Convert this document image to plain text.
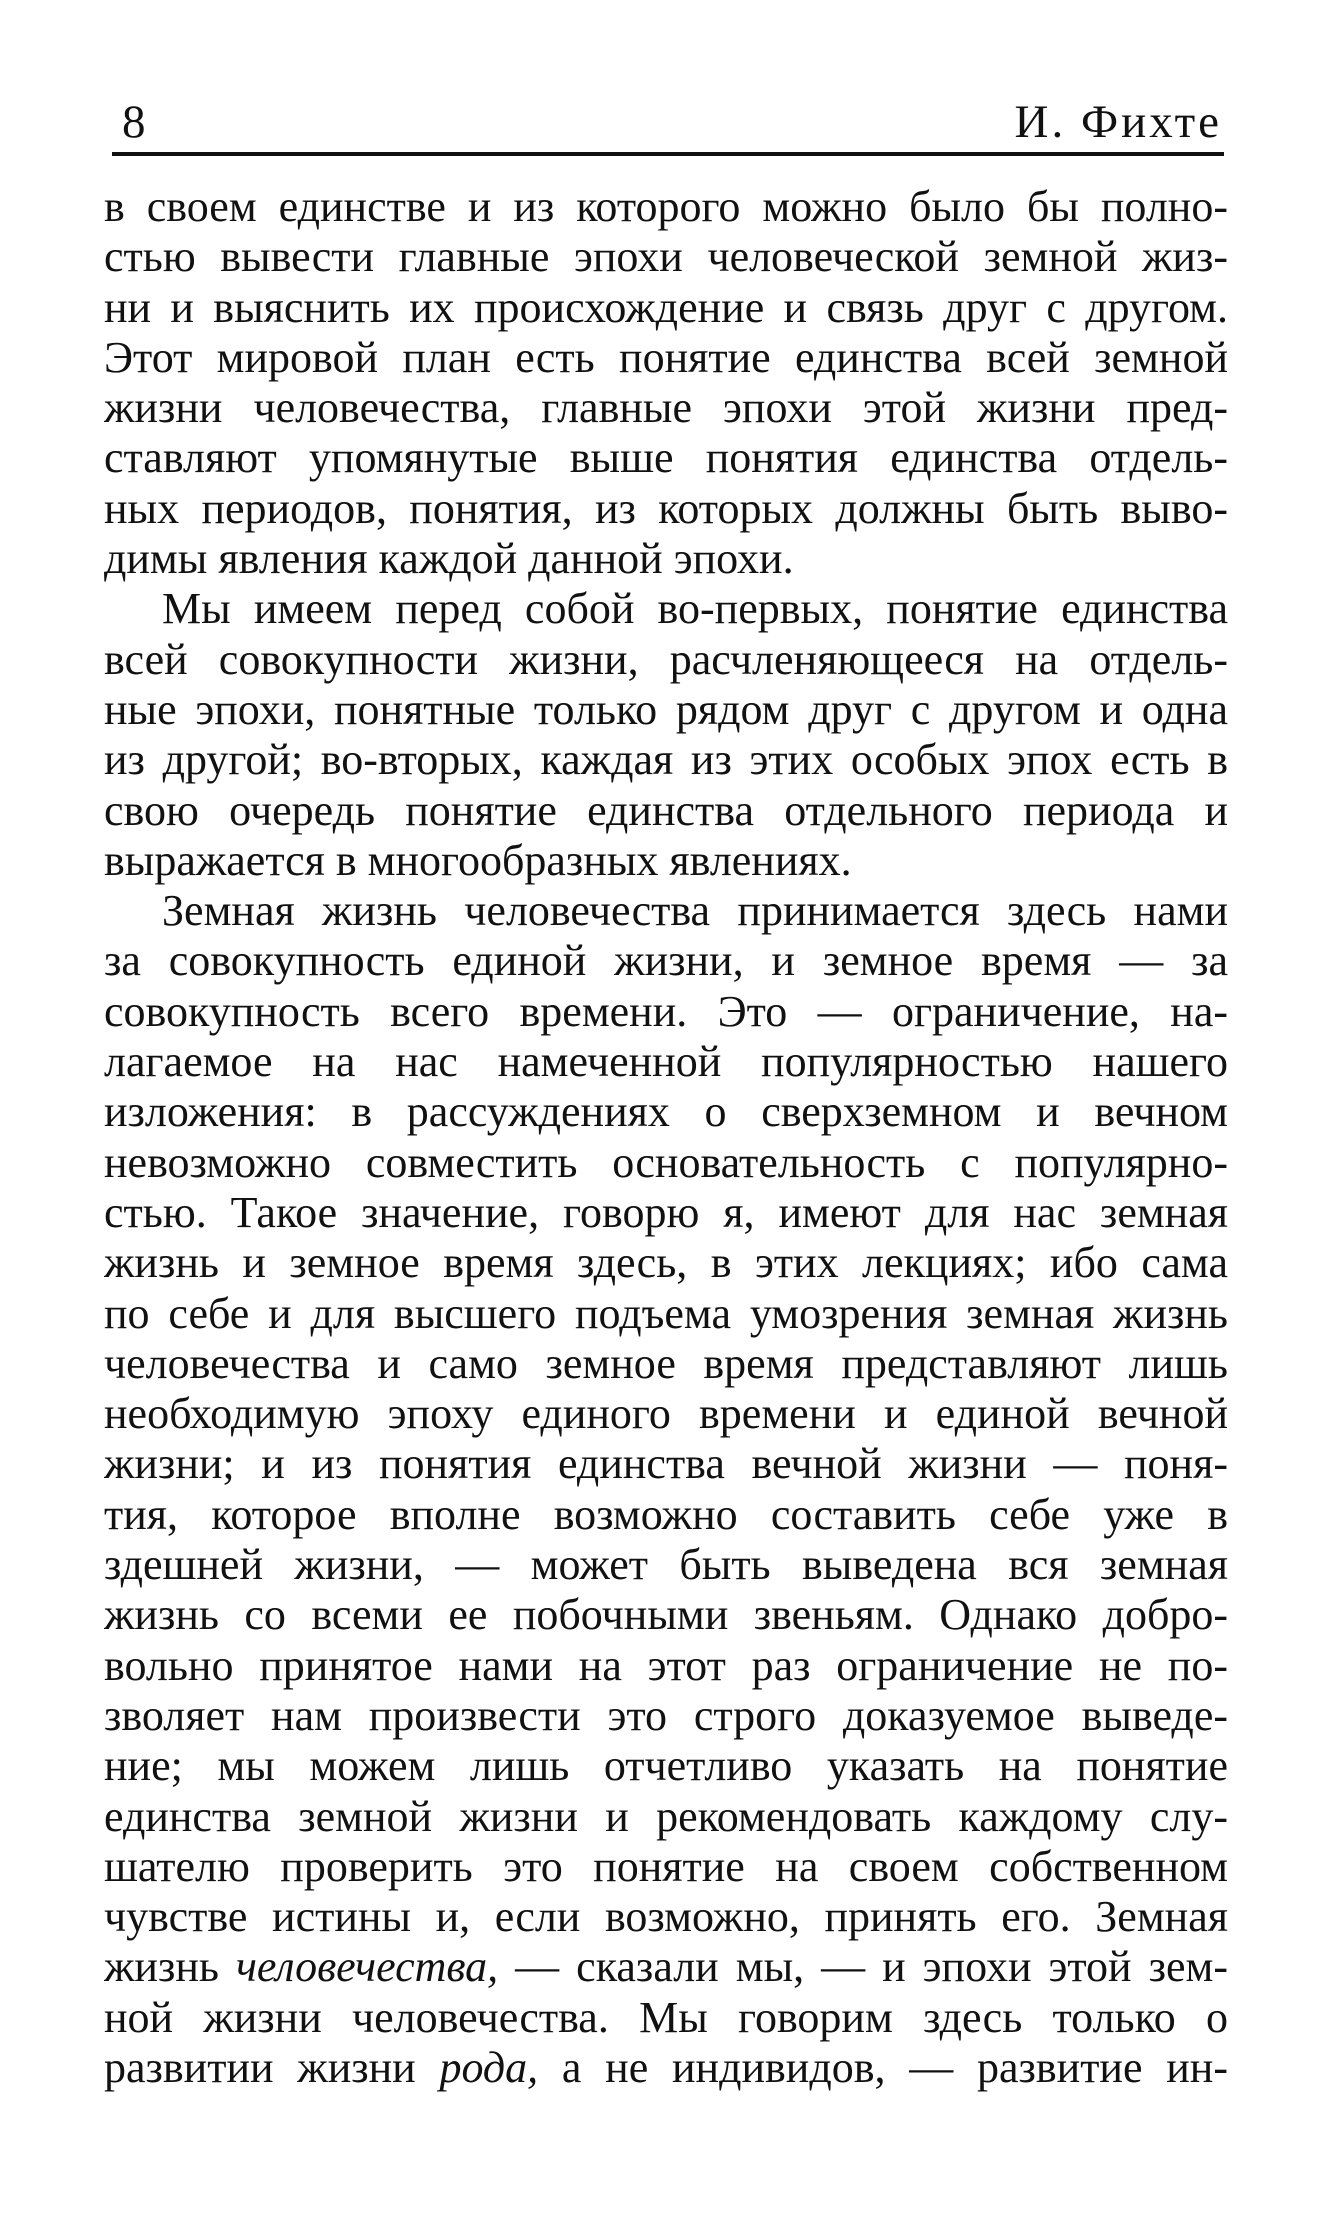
8	И. Фихте
в своем единстве и из которого можно было бы полно-
стью вывести главные эпохи человеческой земной жиз-
ни и выяснить их происхождение и связь друг с другом.
Этот мировой план есть понятие единства всей земной
жизни человечества, главные эпохи этой жизни пред-
ставляют упомянутые выше понятия единства отдель-
ных периодов, понятия, из которых должны быть выво-
димы явления каждой данной эпохи.
Мы имеем перед собой во-первых, понятие единства
всей совокупности жизни, расчленяющееся на отдель-
ные эпохи, понятные только рядом друг с другом и одна
из другой; во-вторых, каждая из этих особых эпох есть в
свою очередь понятие единства отдельного периода и
выражается в многообразных явлениях.
Земная жизнь человечества принимается здесь нами
за совокупность единой жизни, и земное время — за
совокупность всего времени. Это — ограничение, на-
лагаемое на нас намеченной популярностью нашего
изложения: в рассуждениях о сверхземном и вечном
невозможно совместить основательность с популярно-
стью. Такое значение, говорю я, имеют для нас земная
жизнь и земное время здесь, в этих лекциях; ибо сама
по себе и для высшего подъема умозрения земная жизнь
человечества и само земное время представляют лишь
необходимую эпоху единого времени и единой вечной
жизни; и из понятия единства вечной жизни — поня-
тия, которое вполне возможно составить себе уже в
здешней жизни, — может быть выведена вся земная
жизнь со всеми ее побочными звеньям. Однако добро-
вольно принятое нами на этот раз ограничение не по-
зволяет нам произвести это строго доказуемое выведе-
ние; мы можем лишь отчетливо указать на понятие
единства земной жизни и рекомендовать каждому слу-
шателю проверить это понятие на своем собственном
чувстве истины и, если возможно, принять его. Земная
жизнь человечества, — сказали мы, — и эпохи этой зем-
ной жизни человечества. Мы говорим здесь только о
развитии жизни рода, а не индивидов, — развитие ин-
